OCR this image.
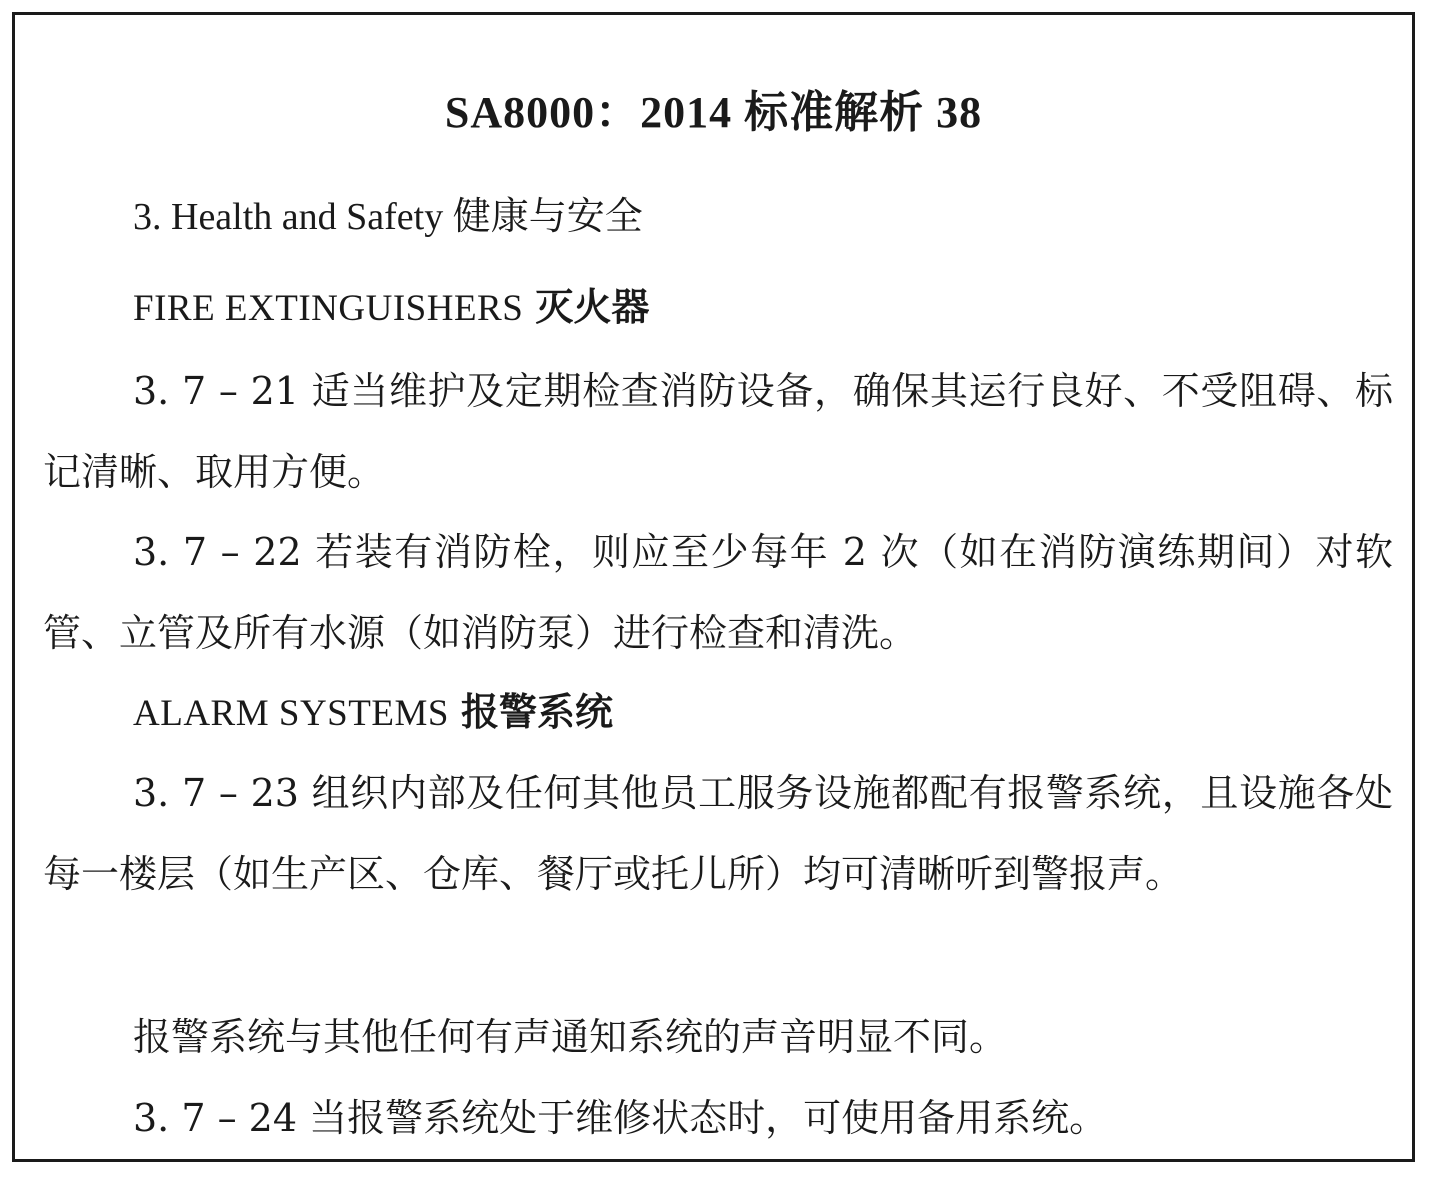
SA8000：2014 标准解析 38
3. Health and Safety 健康与安全
FIRE EXTINGUISHERS 灭火器
3. 7 – 21 适当维护及定期检查消防设备，确保其运行良好、不受阻碍、标记清晰、取用方便。
3. 7 – 22 若装有消防栓，则应至少每年 2 次（如在消防演练期间）对软管、立管及所有水源（如消防泵）进行检查和清洗。
ALARM SYSTEMS 报警系统
3. 7 – 23 组织内部及任何其他员工服务设施都配有报警系统，且设施各处每一楼层（如生产区、仓库、餐厅或托儿所）均可清晰听到警报声。
报警系统与其他任何有声通知系统的声音明显不同。
3. 7 – 24 当报警系统处于维修状态时，可使用备用系统。
